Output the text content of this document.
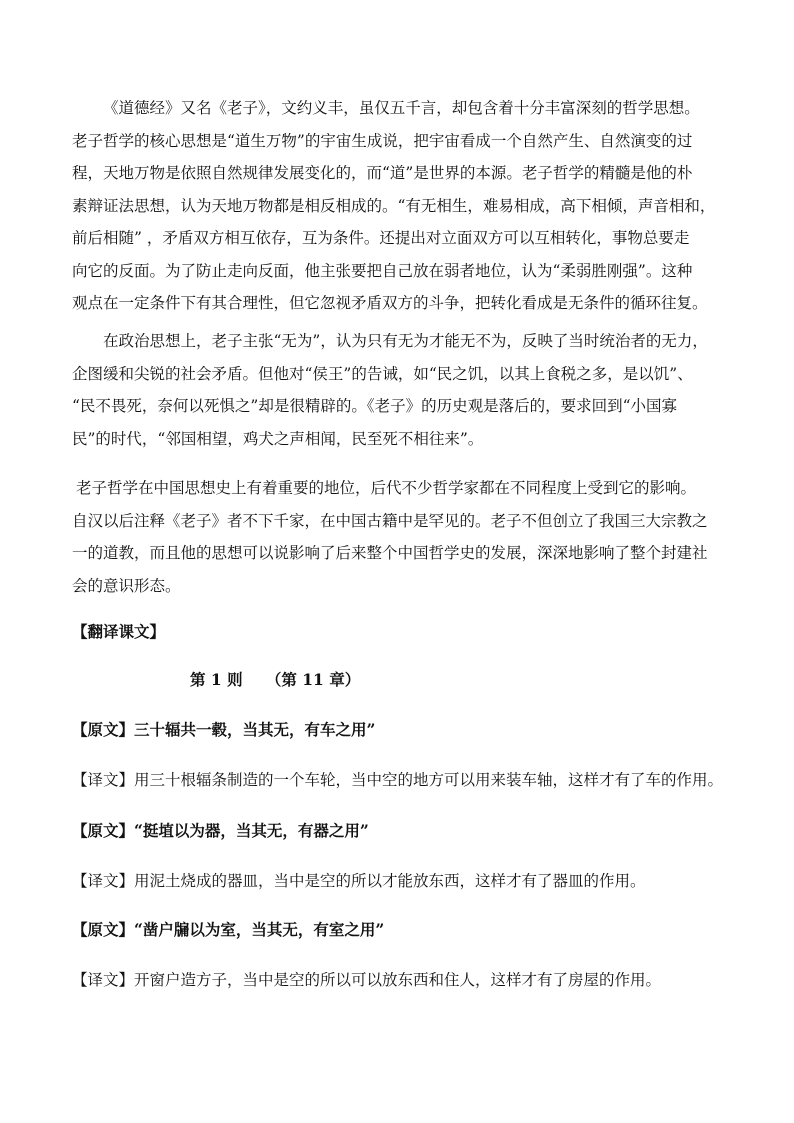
《道德经》又名《老子》，文约义丰，虽仅五千言，却包含着十分丰富深刻的哲学思想。
老子哲学的核心思想是“道生万物”的宇宙生成说，把宇宙看成一个自然产生、自然演变的过
程，天地万物是依照自然规律发展变化的，而“道”是世界的本源。老子哲学的精髓是他的朴
素辩证法思想，认为天地万物都是相反相成的。“有无相生，难易相成，高下相倾，声音相和，
前后相随” ，矛盾双方相互依存，互为条件。还提出对立面双方可以互相转化，事物总要走
向它的反面。为了防止走向反面，他主张要把自己放在弱者地位，认为“柔弱胜刚强”。这种
观点在一定条件下有其合理性，但它忽视矛盾双方的斗争，把转化看成是无条件的循环往复。
在政治思想上，老子主张“无为”，认为只有无为才能无不为，反映了当时统治者的无力，
企图缓和尖锐的社会矛盾。但他对“侯王”的告诫，如“民之饥，以其上食税之多，是以饥”、
“民不畏死，奈何以死惧之”却是很精辟的。《老子》的历史观是落后的，要求回到“小国寡
民”的时代，“邻国相望，鸡犬之声相闻，民至死不相往来”。
老子哲学在中国思想史上有着重要的地位，后代不少哲学家都在不同程度上受到它的影响。
自汉以后注释《老子》者不下千家，在中国古籍中是罕见的。老子不但创立了我国三大宗教之
一的道教，而且他的思想可以说影响了后来整个中国哲学史的发展，深深地影响了整个封建社
会的意识形态。
【翻译课文】
第 1 则　　（第 11 章）
【原文】三十辐共一毂，当其无，有车之用”
【译文】用三十根辐条制造的一个车轮，当中空的地方可以用来装车轴，这样才有了车的作用。
【原文】“挺埴以为器，当其无，有器之用”
【译文】用泥土烧成的器皿，当中是空的所以才能放东西，这样才有了器皿的作用。
【原文】“凿户牖以为室，当其无，有室之用”
【译文】开窗户造方子，当中是空的所以可以放东西和住人，这样才有了房屋的作用。
